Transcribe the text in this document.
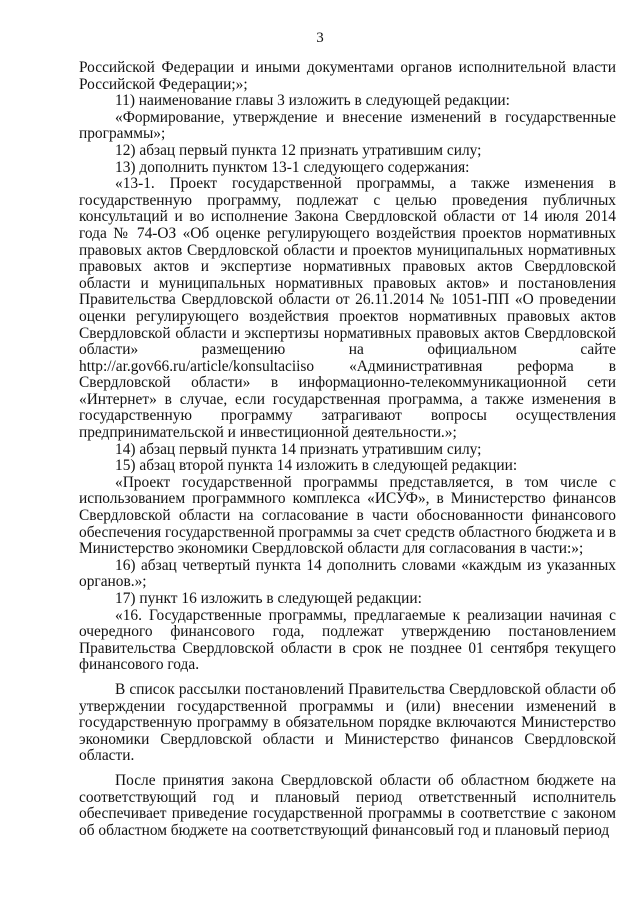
3

Российской Федерации и иными документами органов исполнительной власти Российской Федерации;»;

11) наименование главы 3 изложить в следующей редакции:

«Формирование, утверждение и внесение изменений в государственные программы»;

12) абзац первый пункта 12 признать утратившим силу;

13) дополнить пунктом 13-1 следующего содержания:

«13-1. Проект государственной программы, а также изменения в государственную программу, подлежат с целью проведения публичных консультаций и во исполнение Закона Свердловской области от 14 июля 2014 года № 74-ОЗ «Об оценке регулирующего воздействия проектов нормативных правовых актов Свердловской области и проектов муниципальных нормативных правовых актов и экспертизе нормативных правовых актов Свердловской области и муниципальных нормативных правовых актов» и постановления Правительства Свердловской области от 26.11.2014 № 1051-ПП «О проведении оценки регулирующего воздействия проектов нормативных правовых актов Свердловской области и экспертизы нормативных правовых актов Свердловской области» размещению на официальном сайте http://ar.gov66.ru/article/konsultaciiso «Административная реформа в Свердловской области» в информационно-телекоммуникационной сети «Интернет» в случае, если государственная программа, а также изменения в государственную программу затрагивают вопросы осуществления предпринимательской и инвестиционной деятельности.»;

14) абзац первый пункта 14 признать утратившим силу;

15) абзац второй пункта 14 изложить в следующей редакции:

«Проект государственной программы представляется, в том числе с использованием программного комплекса «ИСУФ», в Министерство финансов Свердловской области на согласование в части обоснованности финансового обеспечения государственной программы за счет средств областного бюджета и в Министерство экономики Свердловской области для согласования в части:»;

16) абзац четвертый пункта 14 дополнить словами «каждым из указанных органов.»;

17) пункт 16 изложить в следующей редакции:

«16. Государственные программы, предлагаемые к реализации начиная с очередного финансового года, подлежат утверждению постановлением Правительства Свердловской области в срок не позднее 01 сентября текущего финансового года.

В список рассылки постановлений Правительства Свердловской области об утверждении государственной программы и (или) внесении изменений в государственную программу в обязательном порядке включаются Министерство экономики Свердловской области и Министерство финансов Свердловской области.

После принятия закона Свердловской области об областном бюджете на соответствующий год и плановый период ответственный исполнитель обеспечивает приведение государственной программы в соответствие с законом об областном бюджете на соответствующий финансовый год и плановый период
